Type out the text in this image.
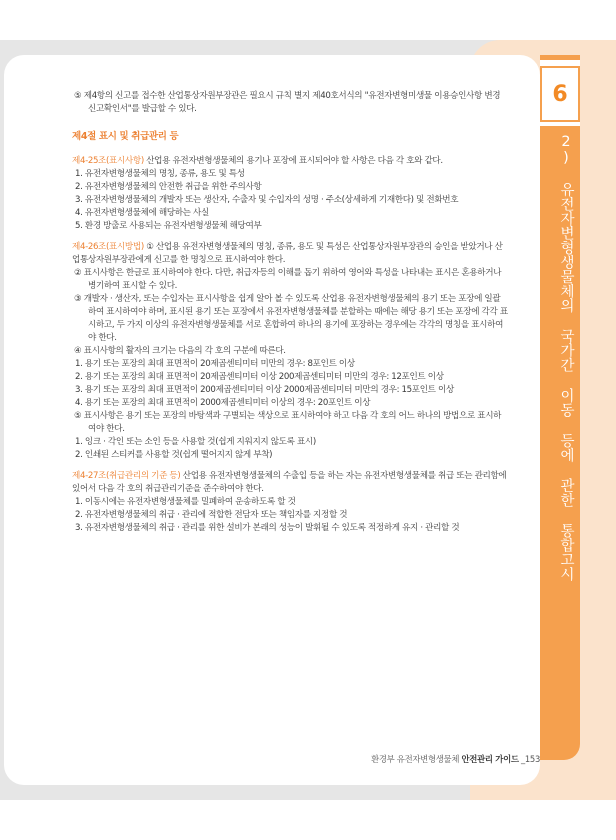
6
2) 유전자변형생물체의 국가간 이동 등에 관한 통합고시

⑤ 제4항의 신고를 접수한 산업통상자원부장관은 필요시 규칙 별지 제40호서식의 "유전자변형미생물 이용승인사항 변경신고확인서"를 발급할 수 있다.

제4절 표시 및 취급관리 등

제4-25조(표시사항) 산업용 유전자변형생물체의 용기나 포장에 표시되어야 할 사항은 다음 각 호와 같다.

1. 유전자변형생물체의 명칭, 종류, 용도 및 특성

2. 유전자변형생물체의 안전한 취급을 위한 주의사항

3. 유전자변형생물체의 개발자 또는 생산자, 수출자 및 수입자의 성명 · 주소(상세하게 기재한다) 및 전화번호

4. 유전자변형생물체에 해당하는 사실

5. 환경 방출로 사용되는 유전자변형생물체 해당여부

제4-26조(표시방법) ① 산업용 유전자변형생물체의 명칭, 종류, 용도 및 특성은 산업통상자원부장관의 승인을 받았거나 산업통상자원부장관에게 신고를 한 명칭으로 표시하여야 한다.

② 표시사항은 한글로 표시하여야 한다. 다만, 취급자등의 이해를 돕기 위하여 영어와 특성을 나타내는 표시은 혼용하거나 병기하여 표시할 수 있다.

③ 개발자 · 생산자, 또는 수입자는 표시사항을 쉽게 알아 볼 수 있도록 산업용 유전자변형생물체의 용기 또는 포장에 일괄하여 표시하여야 하며, 표시된 용기 또는 포장에서 유전자변형생물체를 분할하는 때에는 해당 용기 또는 포장에 각각 표시하고, 두 가지 이상의 유전자변형생물체를 서로 혼합하여 하나의 용기에 포장하는 경우에는 각각의 명칭을 표시하여야 한다.

④ 표시사항의 활자의 크기는 다음의 각 호의 구분에 따른다.

1. 용기 또는 포장의 최대 표면적이 20제곱센티미터 미만의 경우: 8포인트 이상

2. 용기 또는 포장의 최대 표면적이 20제곱센티미터 이상 200제곱센티미터 미만의 경우: 12포인트 이상

3. 용기 또는 포장의 최대 표면적이 200제곱센티미터 이상 2000제곱센티미터 미만의 경우: 15포인트 이상

4. 용기 또는 포장의 최대 표면적이 2000제곱센티미터 이상의 경우: 20포인트 이상

⑤ 표시사항은 용기 또는 포장의 바탕색과 구별되는 색상으로 표시하여야 하고 다음 각 호의 어느 하나의 방법으로 표시하여야 한다.

1. 잉크 · 각인 또는 소인 등을 사용할 것(쉽게 지워지지 않도록 표시)

2. 인쇄된 스티커를 사용할 것(쉽게 떨어지지 않게 부착)

제4-27조(취급관리의 기준 등) 산업용 유전자변형생물체의 수출입 등을 하는 자는 유전자변형생물체를 취급 또는 관리함에 있어서 다음 각 호의 취급관리기준을 준수하여야 한다.

1. 이동시에는 유전자변형생물체를 밀폐하여 운송하도록 할 것

2. 유전자변형생물체의 취급 · 관리에 적합한 전담자 또는 책임자를 지정할 것

3. 유전자변형생물체의 취급 · 관리를 위한 설비가 본래의 성능이 발휘될 수 있도록 적정하게 유지 · 관리할 것

환경부 유전자변형생물체 안전관리 가이드 _153
